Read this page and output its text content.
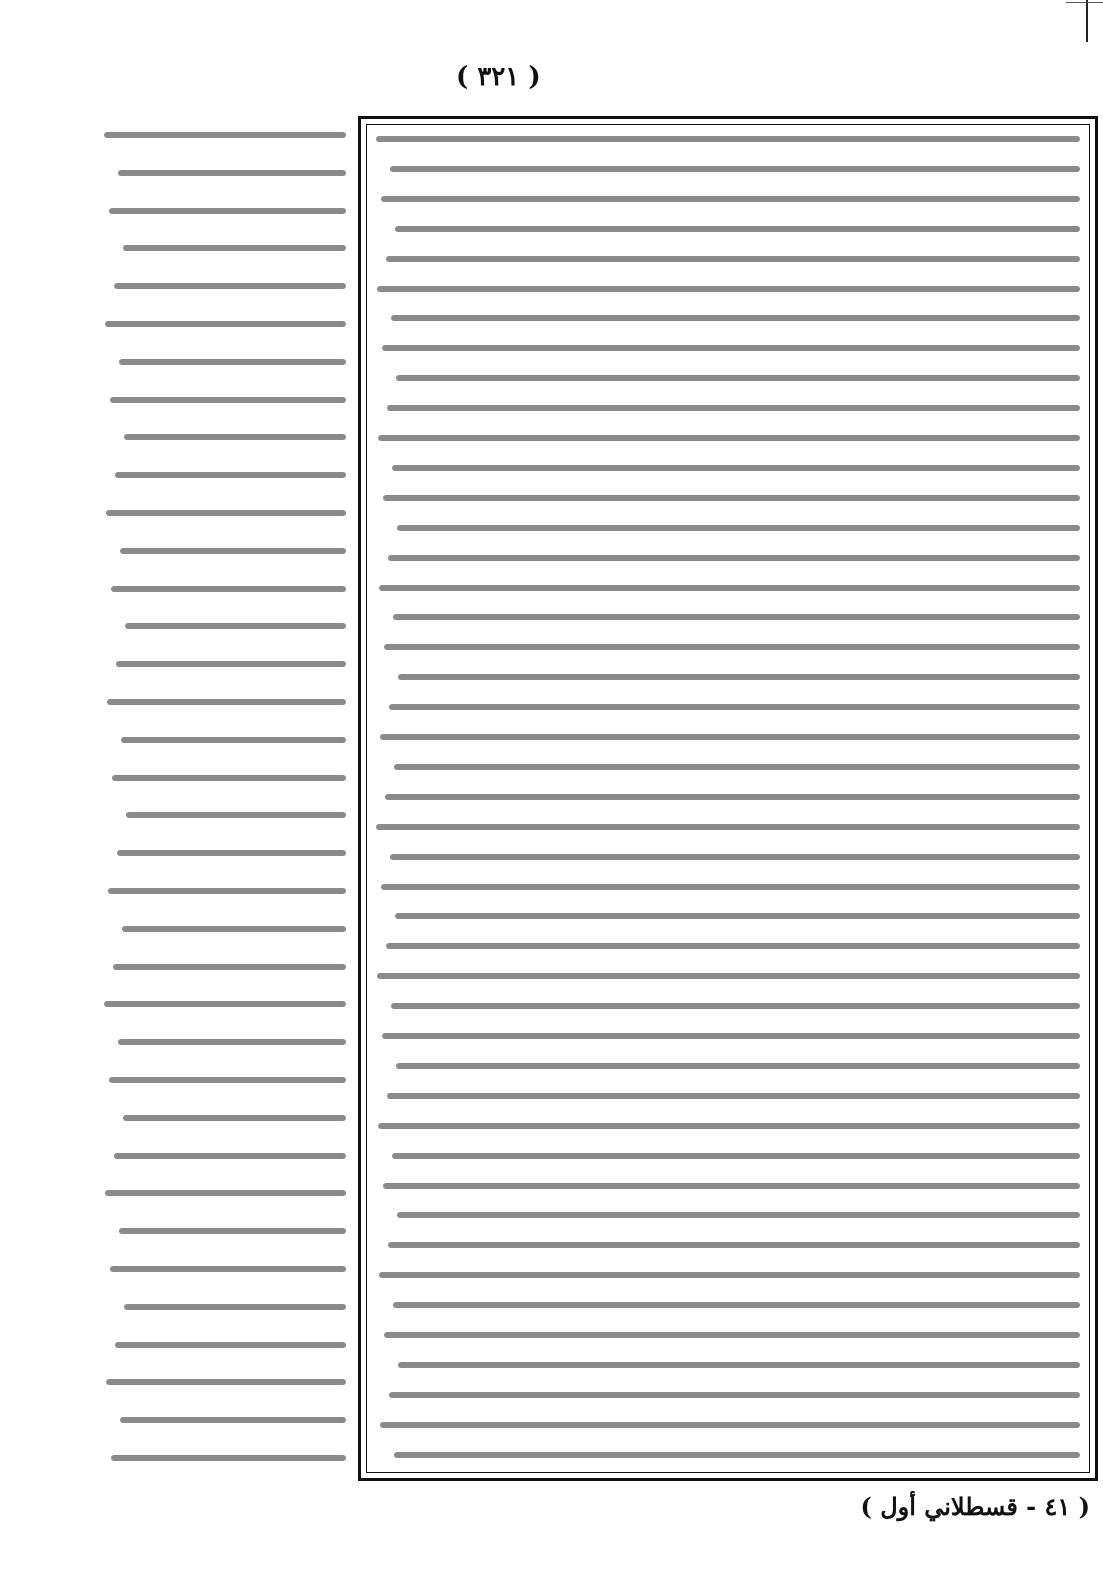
( ٣٢١ )
( ٤١ - قسطلاني أول )
